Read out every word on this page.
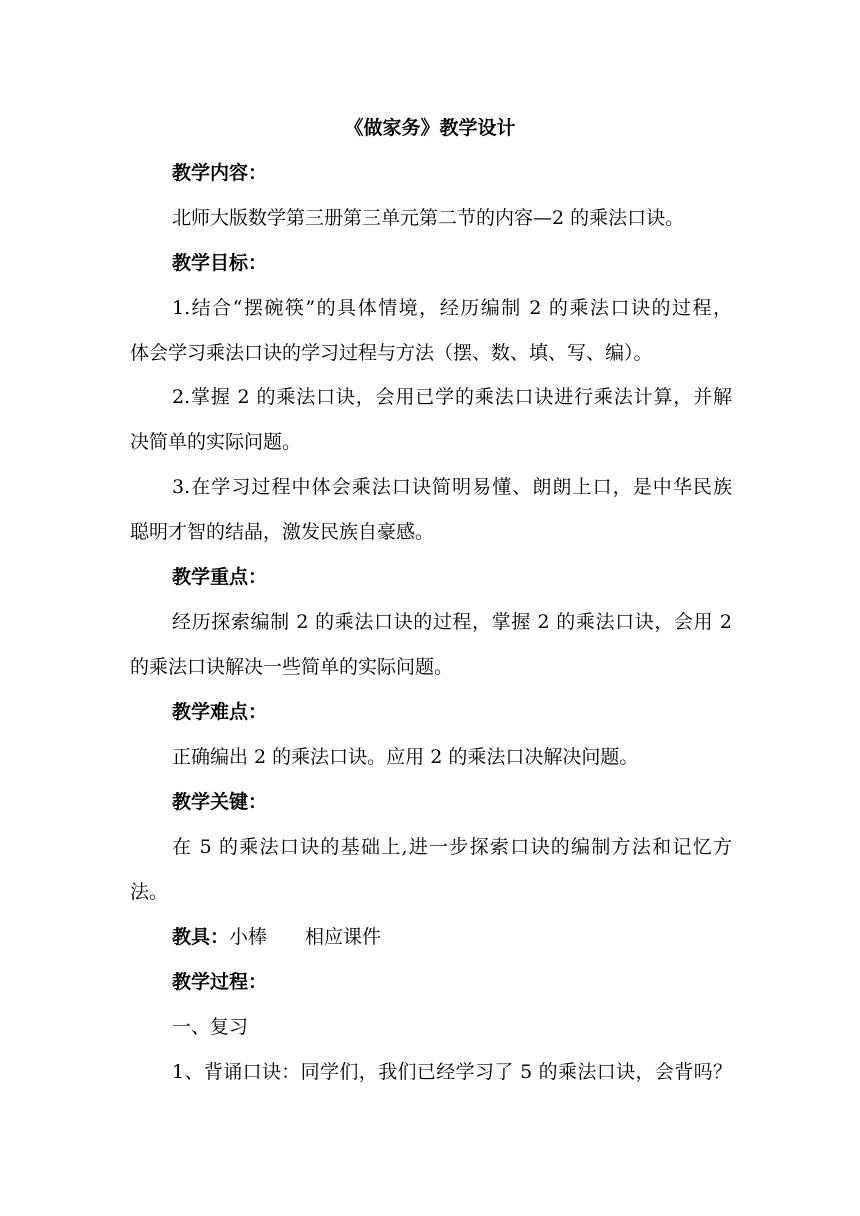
《做家务》教学设计
教学内容：
北师大版数学第三册第三单元第二节的内容—2 的乘法口诀。
教学目标：
1.结合“摆碗筷”的具体情境，经历编制 2 的乘法口诀的过程，
体会学习乘法口诀的学习过程与方法（摆、数、填、写、编）。
2.掌握 2 的乘法口诀，会用已学的乘法口诀进行乘法计算，并解
决简单的实际问题。
3.在学习过程中体会乘法口诀简明易懂、朗朗上口，是中华民族
聪明才智的结晶，激发民族自豪感。
教学重点：
经历探索编制 2 的乘法口诀的过程，掌握 2 的乘法口诀，会用 2
的乘法口诀解决一些简单的实际问题。
教学难点：
正确编出 2 的乘法口诀。应用 2 的乘法口决解决问题。
教学关键：
在 5 的乘法口诀的基础上,进一步探索口诀的编制方法和记忆方
法。
教具：小棒　　相应课件
教学过程：
一、复习
1、背诵口诀：同学们，我们已经学习了 5 的乘法口诀，会背吗？
